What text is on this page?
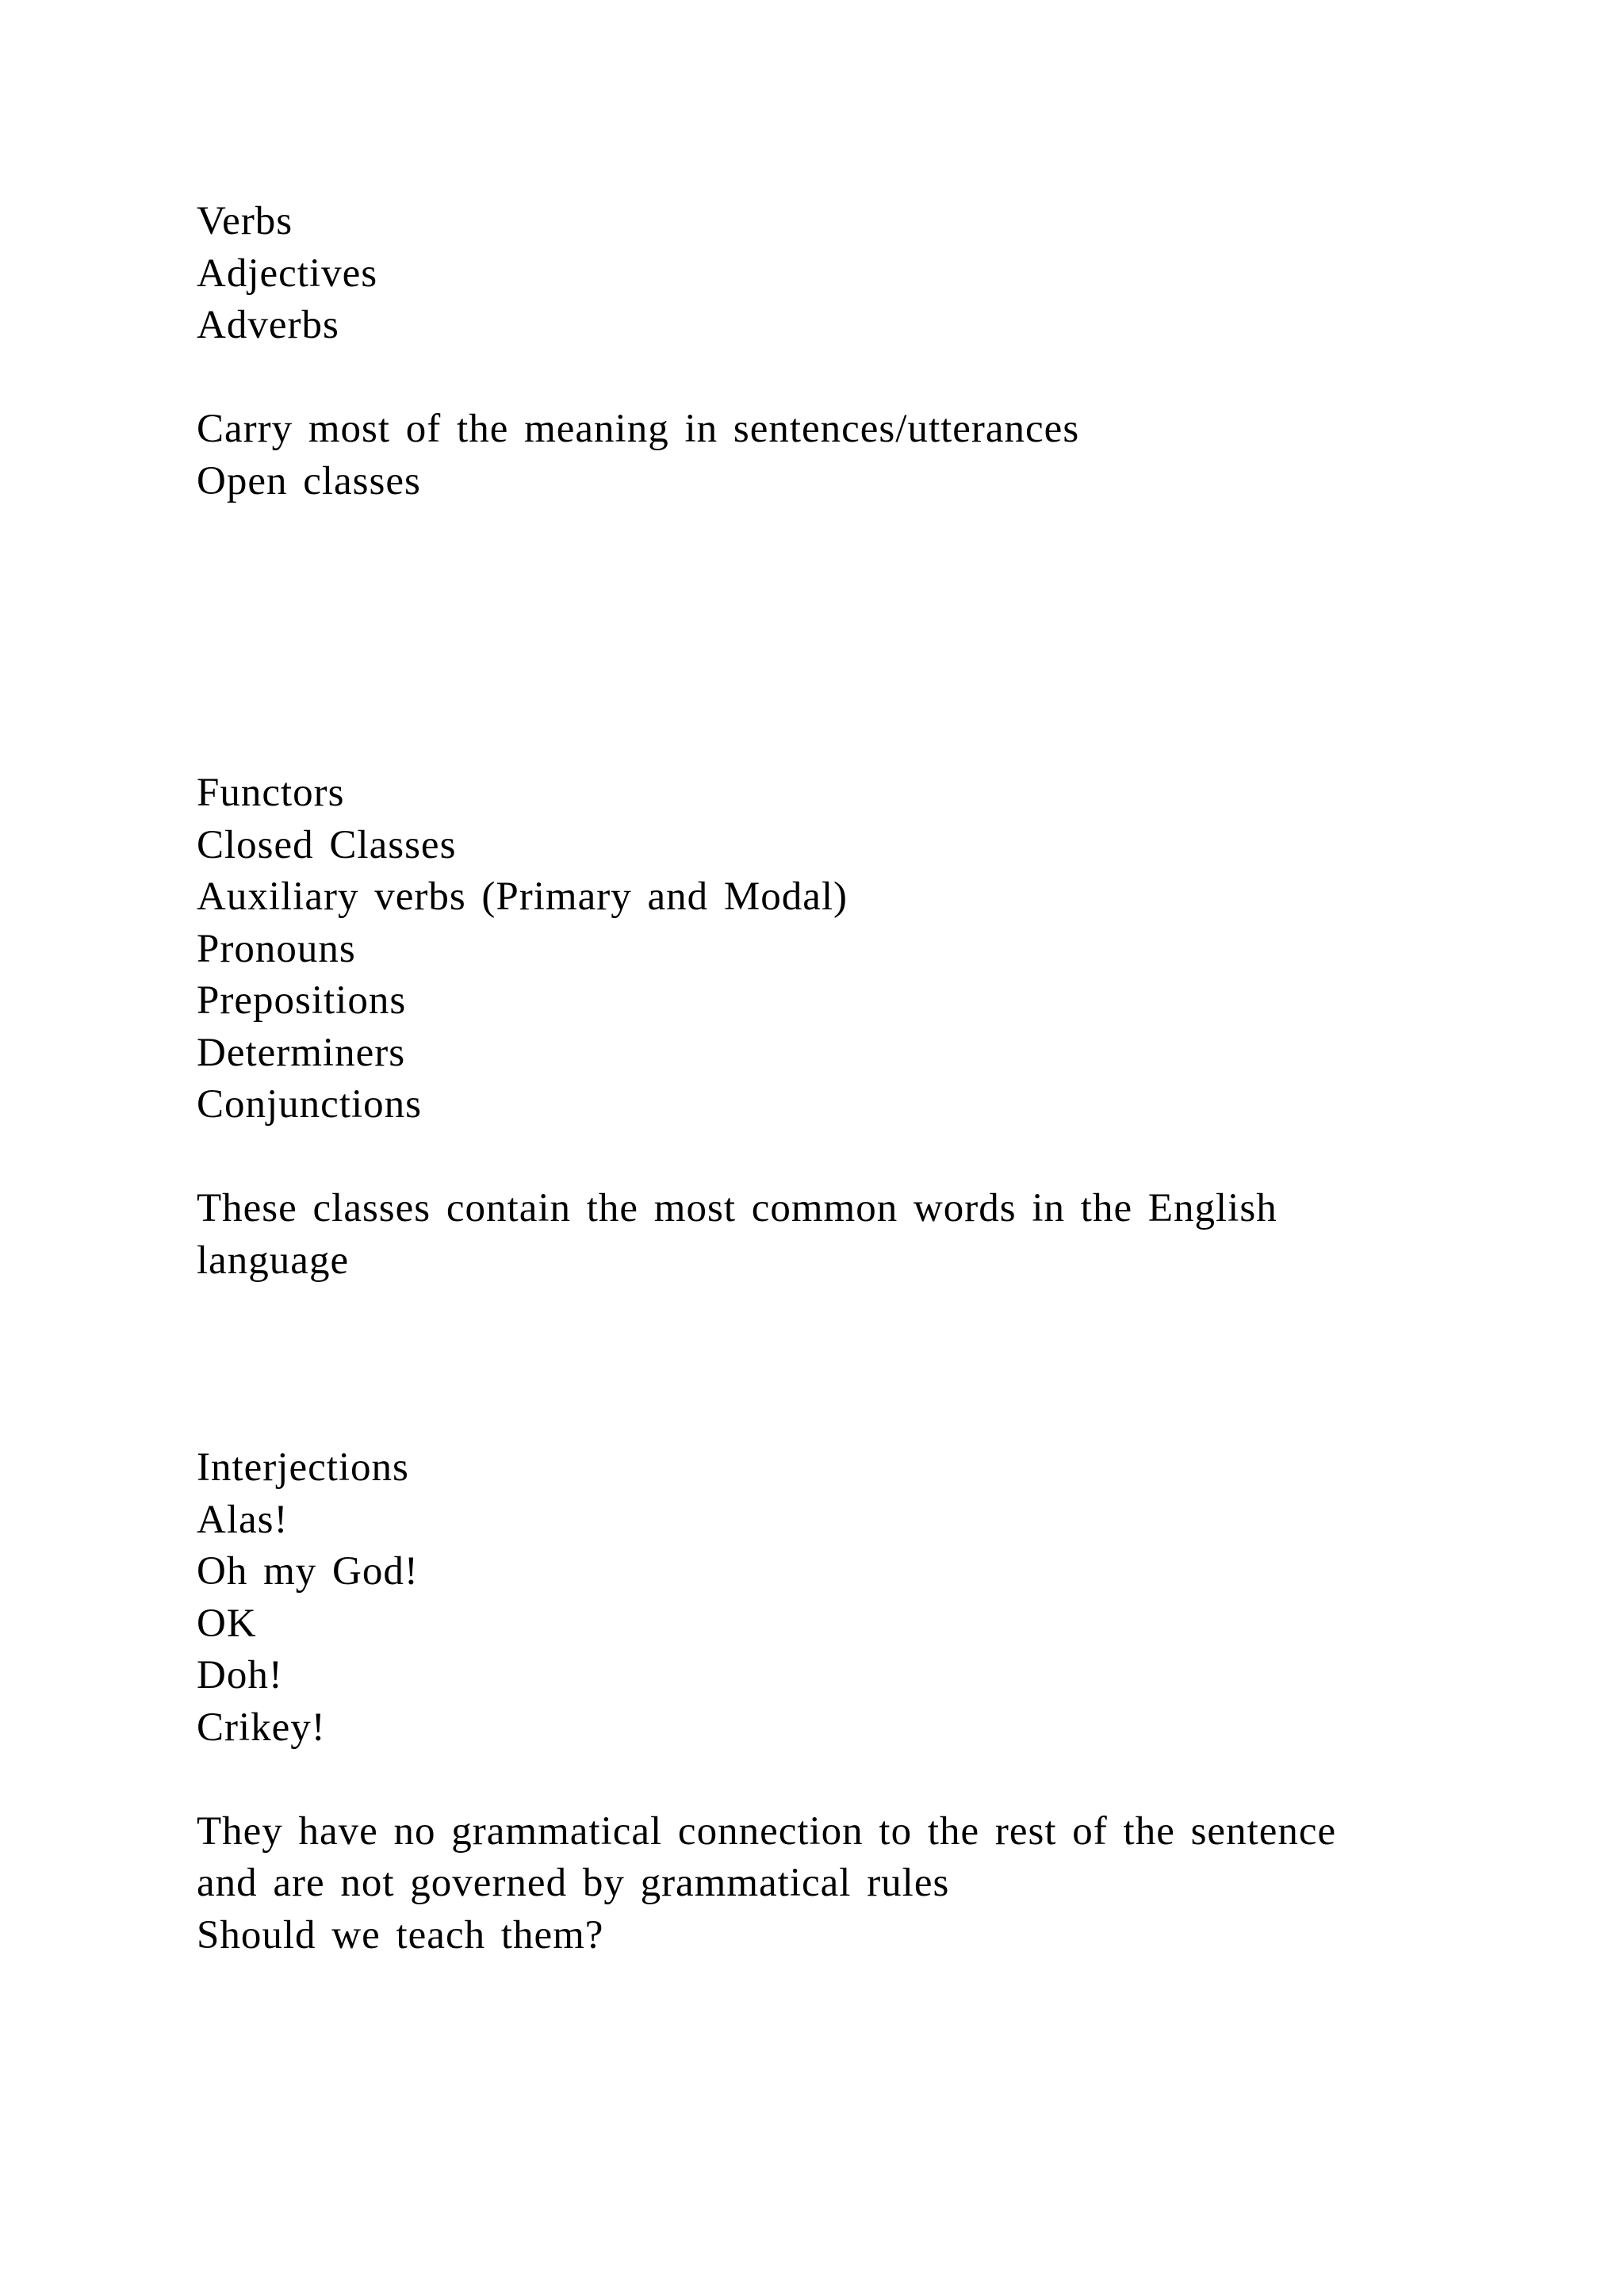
Verbs
Adjectives
Adverbs
Carry most of the meaning in sentences/utterances
Open classes
Functors
Closed Classes
Auxiliary verbs (Primary and Modal)
Pronouns
Prepositions
Determiners
Conjunctions
These classes contain the most common words in the English
language
Interjections
Alas!
Oh my God!
OK
Doh!
Crikey!
They have no grammatical connection to the rest of the sentence
and are not governed by grammatical rules
Should we teach them?
